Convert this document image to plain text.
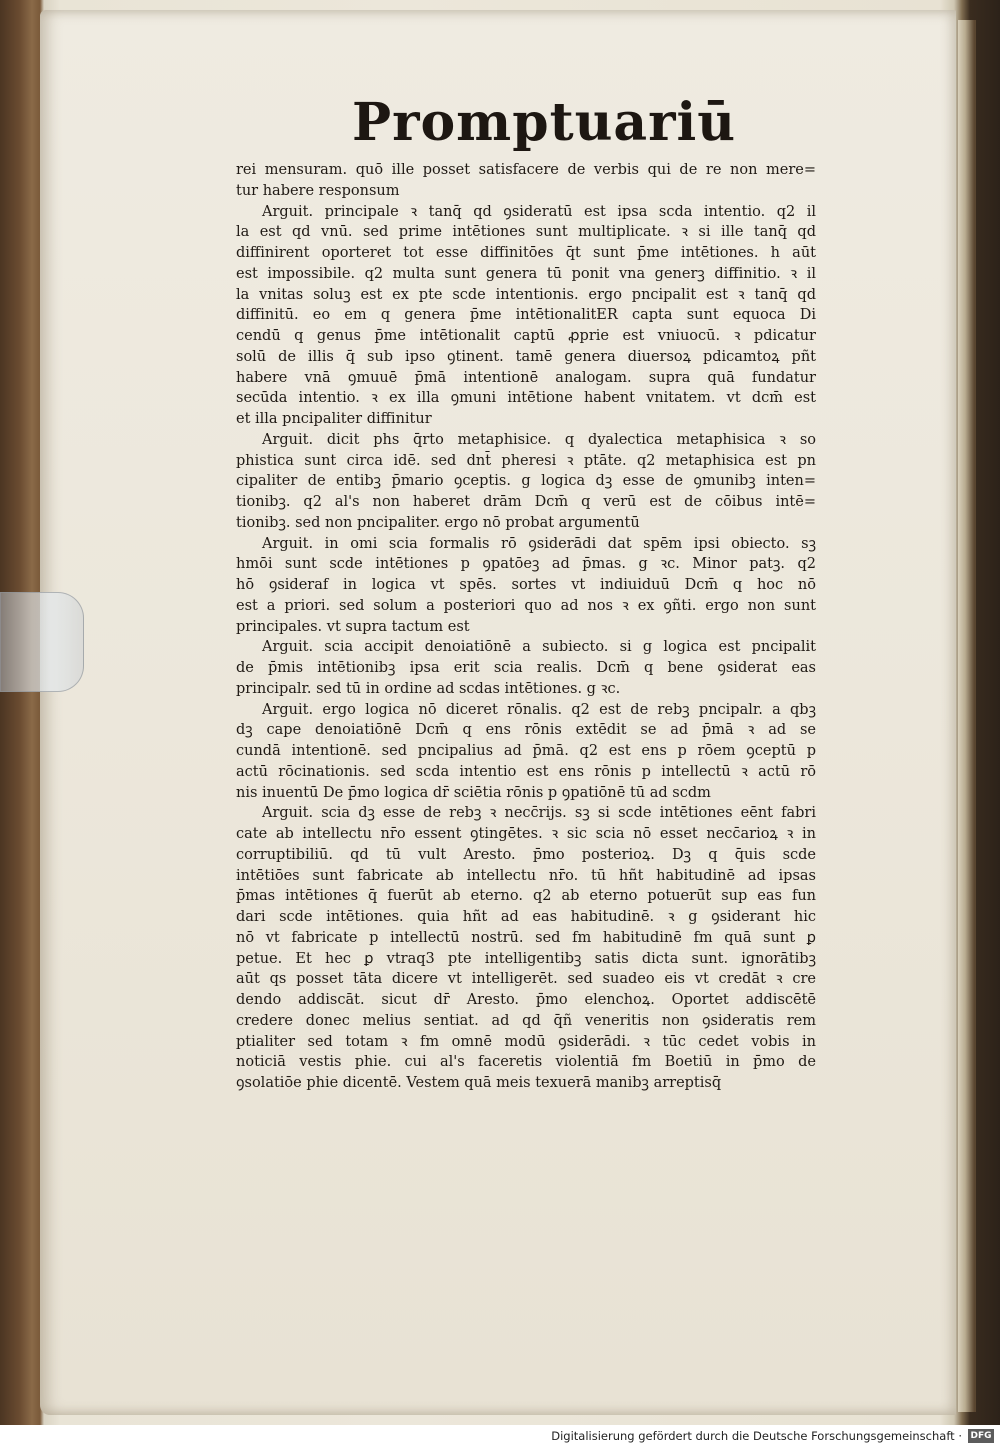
Promptuariū
rei mensuram. quō ille posset satisfacere de verbis qui de re non mere=
tur habere responsum
Arguit. principale ꝛ tanq̄ qd ꝯsideratū est ipsa scda intentio. q2 il
la est qd vnū. sed prime intētiones sunt multiplicate. ꝛ si ille tanq̄ qd
diffinirent oporteret tot esse diffinitōes q̄t sunt p̄me intētiones. h aūt
est impossibile. q2 multa sunt genera tū ponit vna generꝫ diffinitio. ꝛ il
la vnitas soluꝫ est ex pte scde intentionis. ergo pncipalit est ꝛ tanq̄ qd
diffinitū. eo em q genera p̄me intētionalitER capta sunt equoca Di
cendū q genus p̄me intētionalit captū ꝓprie est vniuocū. ꝛ pdicatur
solū de illis q̄ sub ipso ꝯtinent. tamē genera diuersoꝝ pdicamtoꝝ pñt
habere vnā ꝯmuuē p̄mā intentionē analogam. supra quā fundatur
secūda intentio. ꝛ ex illa ꝯmuni intētione habent vnitatem. vt dcm̄ est
et illa pncipaliter diffinitur
Arguit. dicit phs q̄rto metaphisice. q dyalectica metaphisica ꝛ so
phistica sunt circa idē. sed dnt̄ pheresi ꝛ ptāte. q2 metaphisica est pn
cipaliter de entibꝫ p̄mario ꝯceptis. g logica dꝫ esse de ꝯmunibꝫ inten=
tionibꝫ. q2 al's non haberet drām Dcm̄ q verū est de cōibus intē=
tionibꝫ. sed non pncipaliter. ergo nō probat argumentū
Arguit. in omi scia formalis rō ꝯsiderādi dat spēm ipsi obiecto. sꝫ
hmōi sunt scde intētiones p ꝯpatōeꝫ ad p̄mas. g ꝛc. Minor patꝫ. q2
hō ꝯsideraf in logica vt spēs. sortes vt indiuiduū Dcm̄ q hoc nō
est a priori. sed solum a posteriori quo ad nos ꝛ ex ꝯñti. ergo non sunt
principales. vt supra tactum est
Arguit. scia accipit denoiatiōnē a subiecto. si g logica est pncipalit
de p̄mis intētionibꝫ ipsa erit scia realis. Dcm̄ q bene ꝯsiderat eas
principalr. sed tū in ordine ad scdas intētiones. g ꝛc.
Arguit. ergo logica nō diceret rōnalis. q2 est de rebꝫ pncipalr. a qbꝫ
dꝫ cape denoiatiōnē Dcm̄ q ens rōnis extēdit se ad p̄mā ꝛ ad se
cundā intentionē. sed pncipalius ad p̄mā. q2 est ens p rōem ꝯceptū p
actū rōcinationis. sed scda intentio est ens rōnis p intellectū ꝛ actū rō
nis inuentū De p̄mo logica dr̄ sciētia rōnis p ꝯpatiōnē tū ad scdm
Arguit. scia dꝫ esse de rebꝫ ꝛ necc̄rijs. sꝫ si scde intētiones eēnt fabri
cate ab intellectu nr̄o essent ꝯtingētes. ꝛ sic scia nō esset necc̄arioꝝ ꝛ in
corruptibiliū. qd tū vult Aresto. p̄mo posterioꝝ. Dꝫ q q̄uis scde
intētiōes sunt fabricate ab intellectu nr̄o. tū hñt habitudinē ad ipsas
p̄mas intētiones q̄ fuerūt ab eterno. q2 ab eterno potuerūt sup eas fun
dari scde intētiones. quia hñt ad eas habitudinē. ꝛ g ꝯsiderant hic
nō vt fabricate p intellectū nostrū. sed fm habitudinē fm quā sunt ꝑ
petue. Et hec ꝑ vtraq3 pte intelligentibꝫ satis dicta sunt. ignorātibꝫ
aūt qs posset tāta dicere vt intelligerēt. sed suadeo eis vt credāt ꝛ cre
dendo addiscāt. sicut dr̄ Aresto. p̄mo elenchoꝝ. Oportet addiscētē
credere donec melius sentiat. ad qd q̄ñ veneritis non ꝯsideratis rem
ptialiter sed totam ꝛ fm omnē modū ꝯsiderādi. ꝛ tūc cedet vobis in
noticiā vestis phie. cui al's faceretis violentiā fm Boetiū in p̄mo de
ꝯsolatiōe phie dicentē. Vestem quā meis texuerā manibꝫ arreptisq̄
Digitalisierung gefördert durch die Deutsche Forschungsgemeinschaft · DFG
